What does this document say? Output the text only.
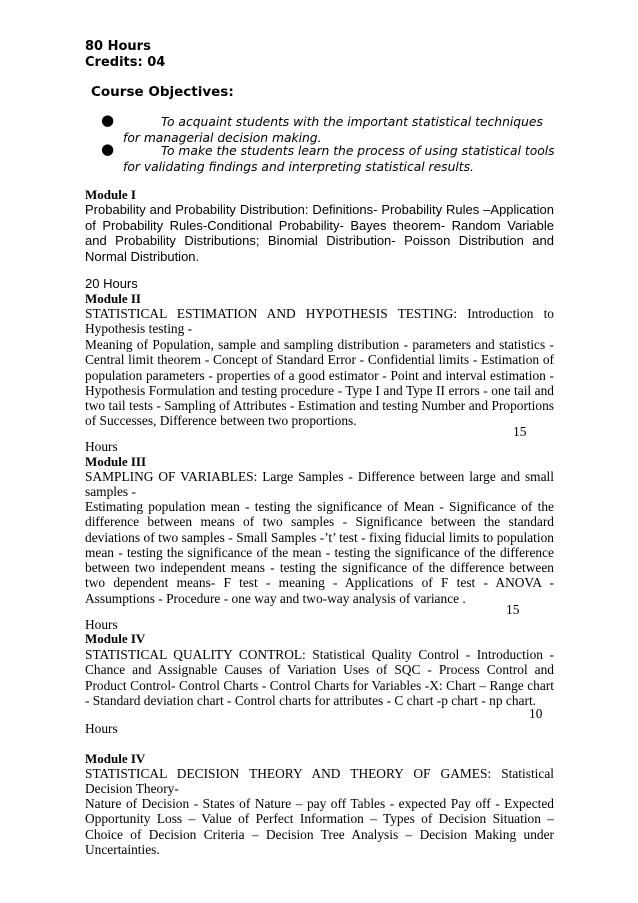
80 Hours
Credits: 04
Course Objectives:
●	To acquaint students with the important statistical techniques for managerial decision making.
●	To make the students learn the process of using statistical tools for validating findings and interpreting statistical results.
Module I
Probability and Probability Distribution: Definitions- Probability Rules –Application of Probability Rules-Conditional Probability- Bayes theorem- Random Variable and Probability Distributions; Binomial Distribution- Poisson Distribution and Normal Distribution.
20 Hours
Module II
STATISTICAL ESTIMATION AND HYPOTHESIS TESTING: Introduction to Hypothesis testing -
Meaning of Population, sample and sampling distribution - parameters and statistics - Central limit theorem - Concept of Standard Error - Confidential limits - Estimation of population parameters - properties of a good estimator - Point and interval estimation - Hypothesis Formulation and testing procedure - Type I and Type II errors - one tail and two tail tests - Sampling of Attributes - Estimation and testing Number and Proportions of Successes, Difference between two proportions.
15
Hours
Module III
SAMPLING OF VARIABLES: Large Samples - Difference between large and small samples -
Estimating population mean - testing the significance of Mean - Significance of the difference between means of two samples - Significance between the standard deviations of two samples - Small Samples -’t’ test - fixing fiducial limits to population mean - testing the significance of the mean - testing the significance of the difference between two independent means - testing the significance of the difference between two dependent means- F test - meaning - Applications of F test - ANOVA - Assumptions - Procedure - one way and two-way analysis of variance .
15
Hours
Module IV
STATISTICAL QUALITY CONTROL: Statistical Quality Control - Introduction - Chance and Assignable Causes of Variation Uses of SQC - Process Control and Product Control- Control Charts - Control Charts for Variables -X: Chart – Range chart - Standard deviation chart - Control charts for attributes - C chart -p chart - np chart.
10
Hours
Module IV
STATISTICAL DECISION THEORY AND THEORY OF GAMES: Statistical Decision Theory-
Nature of Decision - States of Nature – pay off Tables - expected Pay off - Expected Opportunity Loss – Value of Perfect Information – Types of Decision Situation – Choice of Decision Criteria – Decision Tree Analysis – Decision Making under Uncertainties.
